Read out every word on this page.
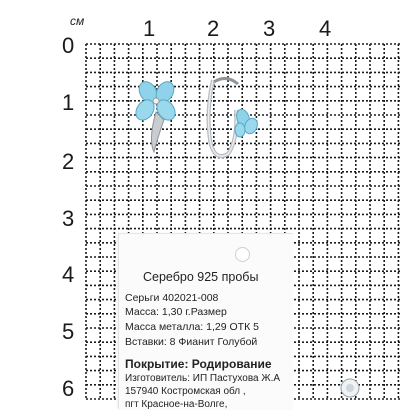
см	1 2 3 4
0
1
2
3
4
5
6
Серебро 925 пробы
Серьги 402021-008
Масса: 1,30 г.Размер
Масса металла: 1,29 ОТК 5
Вставки: 8 Фианит Голубой
Покрытие: Родирование
Изготовитель: ИП Пастухова Ж.А
157940 Костромская обл ,
пгт Красное-на-Волге,
